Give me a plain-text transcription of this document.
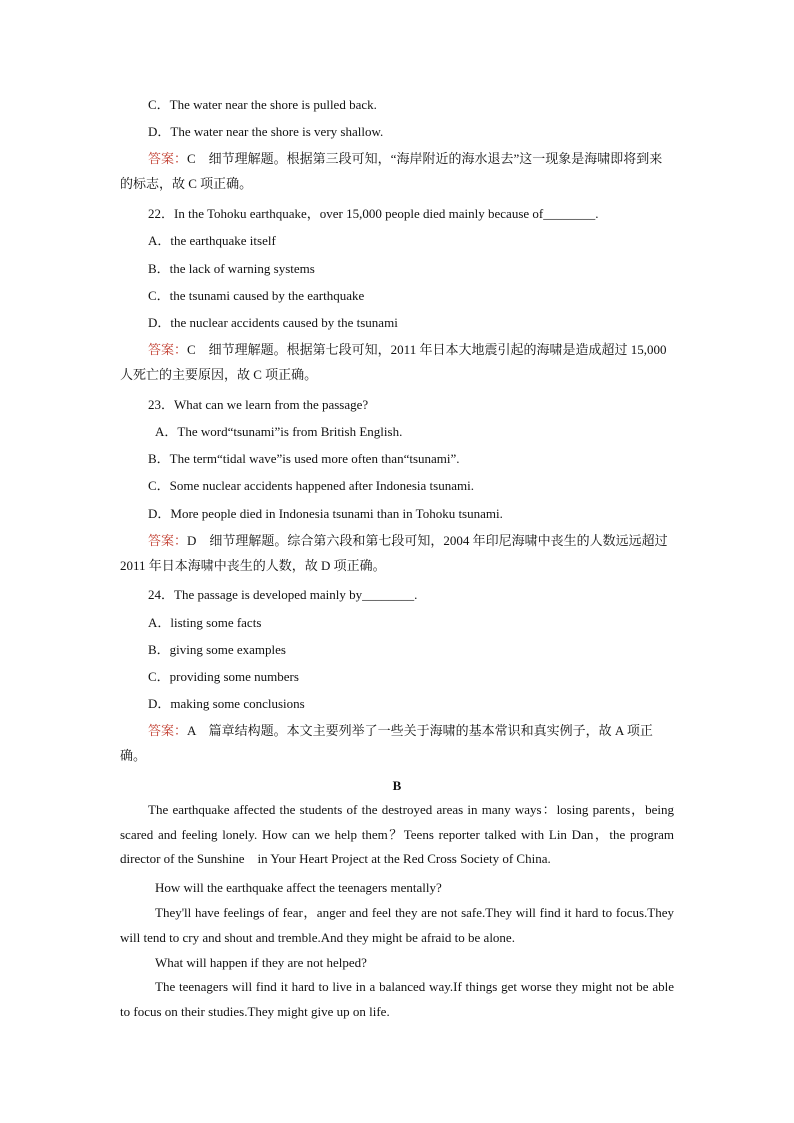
C．The water near the shore is pulled back.
D．The water near the shore is very shallow.
答案：C　细节理解题。根据第三段可知，“海岸附近的海水退去”这一现象是海啸即将到来的标志，故 C 项正确。
22．In the Tohoku earthquake，over 15,000 people died mainly because of________.
A．the earthquake itself
B．the lack of warning systems
C．the tsunami caused by the earthquake
D．the nuclear accidents caused by the tsunami
答案：C　细节理解题。根据第七段可知，2011 年日本大地震引起的海啸是造成超过 15,000 人死亡的主要原因，故 C 项正确。
23．What can we learn from the passage?
A．The word“tsunami”is from British English.
B．The term“tidal wave”is used more often than“tsunami”.
C．Some nuclear accidents happened after Indonesia tsunami.
D．More people died in Indonesia tsunami than in Tohoku tsunami.
答案：D　细节理解题。综合第六段和第七段可知，2004 年印尼海啸中丧生的人数远远超过 2011 年日本海啸中丧生的人数，故 D 项正确。
24．The passage is developed mainly by________.
A．listing some facts
B．giving some examples
C．providing some numbers
D．making some conclusions
答案：A　篇章结构题。本文主要列举了一些关于海啸的基本常识和真实例子，故 A 项正确。
B
The earthquake affected the students of the destroyed areas in many ways：losing parents，being scared and feeling lonely. How can we help them？Teens reporter talked with Lin Dan，the program director of the Sunshine　in Your Heart Project at the Red Cross Society of China.
How will the earthquake affect the teenagers mentally?
They'll have feelings of fear，anger and feel they are not safe.They will find it hard to focus.They will tend to cry and shout and tremble.And they might be afraid to be alone.
What will happen if they are not helped?
The teenagers will find it hard to live in a balanced way.If things get worse they might not be able to focus on their studies.They might give up on life.
